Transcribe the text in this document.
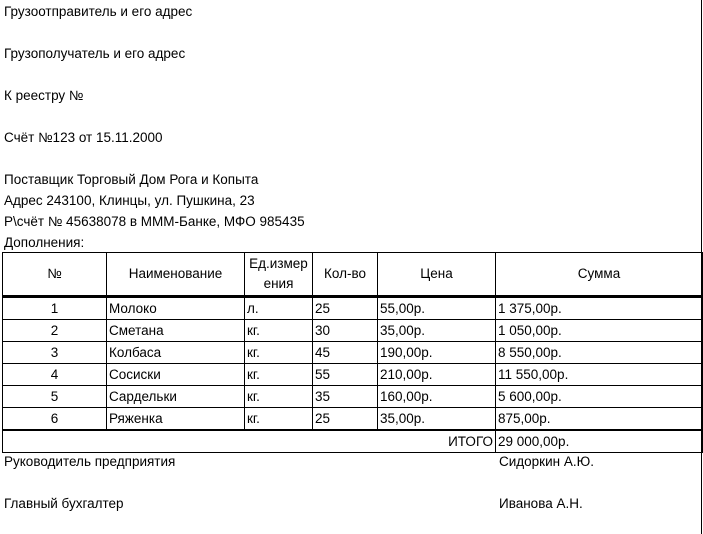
Грузоотправитель и его адрес
Грузополучатель и его адрес
К реестру №
Счёт №123 от 15.11.2000
Поставщик Торговый Дом Рога и Копыта
Адрес 243100, Клинцы, ул. Пушкина, 23
Р\счёт № 45638078 в МММ-Банке, МФО 985435
Дополнения:
№	Наименование	Ед.измерения	Кол-во	Цена	Сумма
1	Молоко	л.	25	55,00р.	1 375,00р.
2	Сметана	кг.	30	35,00р.	1 050,00р.
3	Колбаса	кг.	45	190,00р.	8 550,00р.
4	Сосиски	кг.	55	210,00р.	11 550,00р.
5	Сардельки	кг.	35	160,00р.	5 600,00р.
6	Ряженка	кг.	25	35,00р.	875,00р.
ИТОГО					29 000,00р.
Руководитель предприятия	Сидоркин А.Ю.
Главный бухгалтер	Иванова А.Н.
